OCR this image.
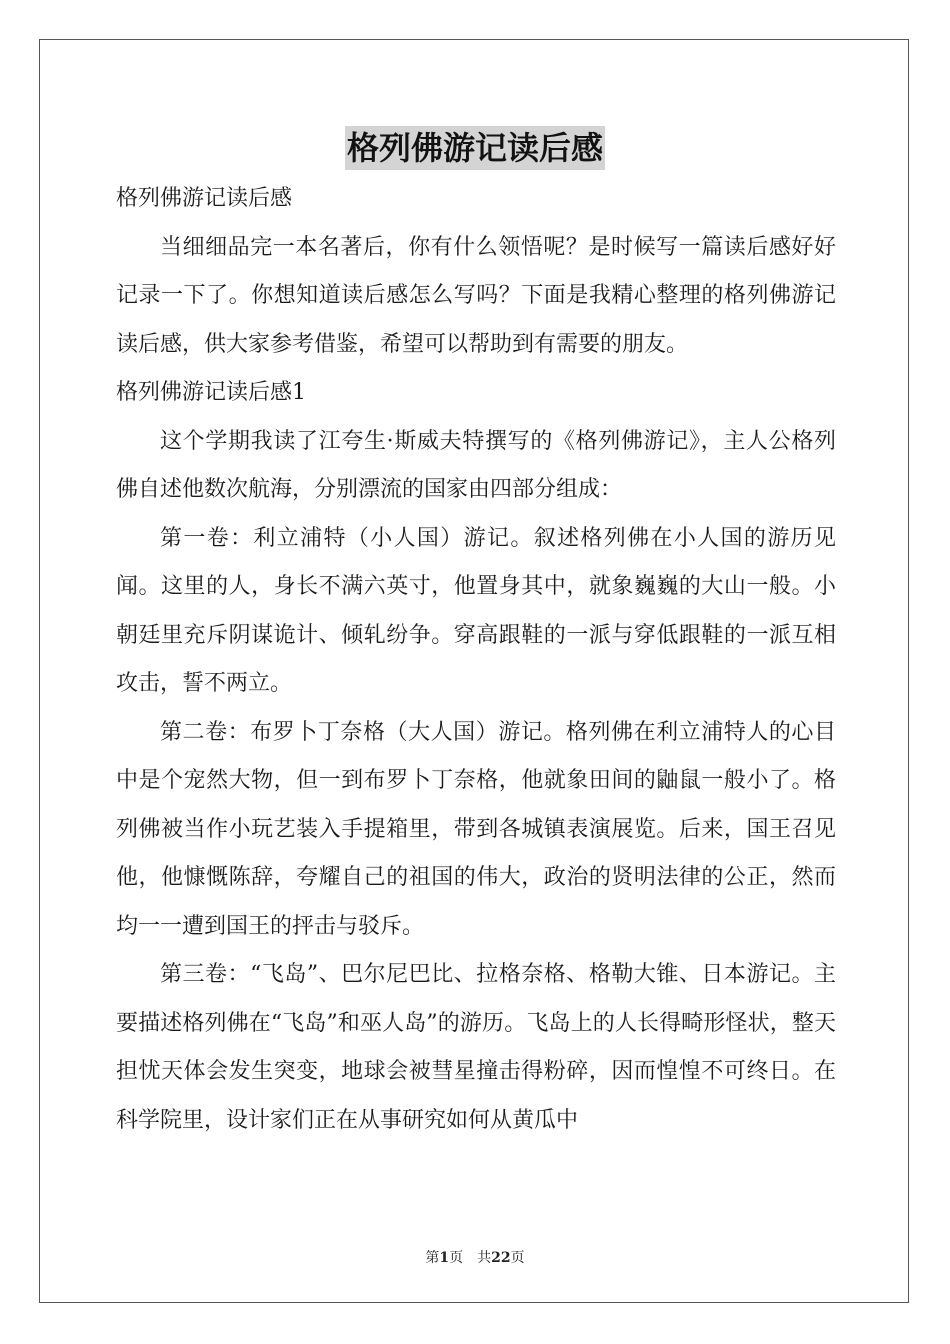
格列佛游记读后感

格列佛游记读后感

当细细品完一本名著后，你有什么领悟呢？是时候写一篇读后感好好记录一下了。你想知道读后感怎么写吗？下面是我精心整理的格列佛游记读后感，供大家参考借鉴，希望可以帮助到有需要的朋友。

格列佛游记读后感1

这个学期我读了江夸生·斯威夫特撰写的《格列佛游记》，主人公格列佛自述他数次航海，分别漂流的国家由四部分组成：

第一卷：利立浦特（小人国）游记。叙述格列佛在小人国的游历见闻。这里的人，身长不满六英寸，他置身其中，就象巍巍的大山一般。小朝廷里充斥阴谋诡计、倾轧纷争。穿高跟鞋的一派与穿低跟鞋的一派互相攻击，誓不两立。

第二卷：布罗卜丁奈格（大人国）游记。格列佛在利立浦特人的心目中是个宠然大物，但一到布罗卜丁奈格，他就象田间的鼬鼠一般小了。格列佛被当作小玩艺装入手提箱里，带到各城镇表演展览。后来，国王召见他，他慷慨陈辞，夸耀自己的祖国的伟大，政治的贤明法律的公正，然而均一一遭到国王的抨击与驳斥。

第三卷：“飞岛”、巴尔尼巴比、拉格奈格、格勒大锥、日本游记。主要描述格列佛在“飞岛”和巫人岛”的游历。飞岛上的人长得畸形怪状，整天担忧天体会发生突变，地球会被彗星撞击得粉碎，因而惶惶不可终日。在科学院里，设计家们正在从事研究如何从黄瓜中

第1页 共22页
